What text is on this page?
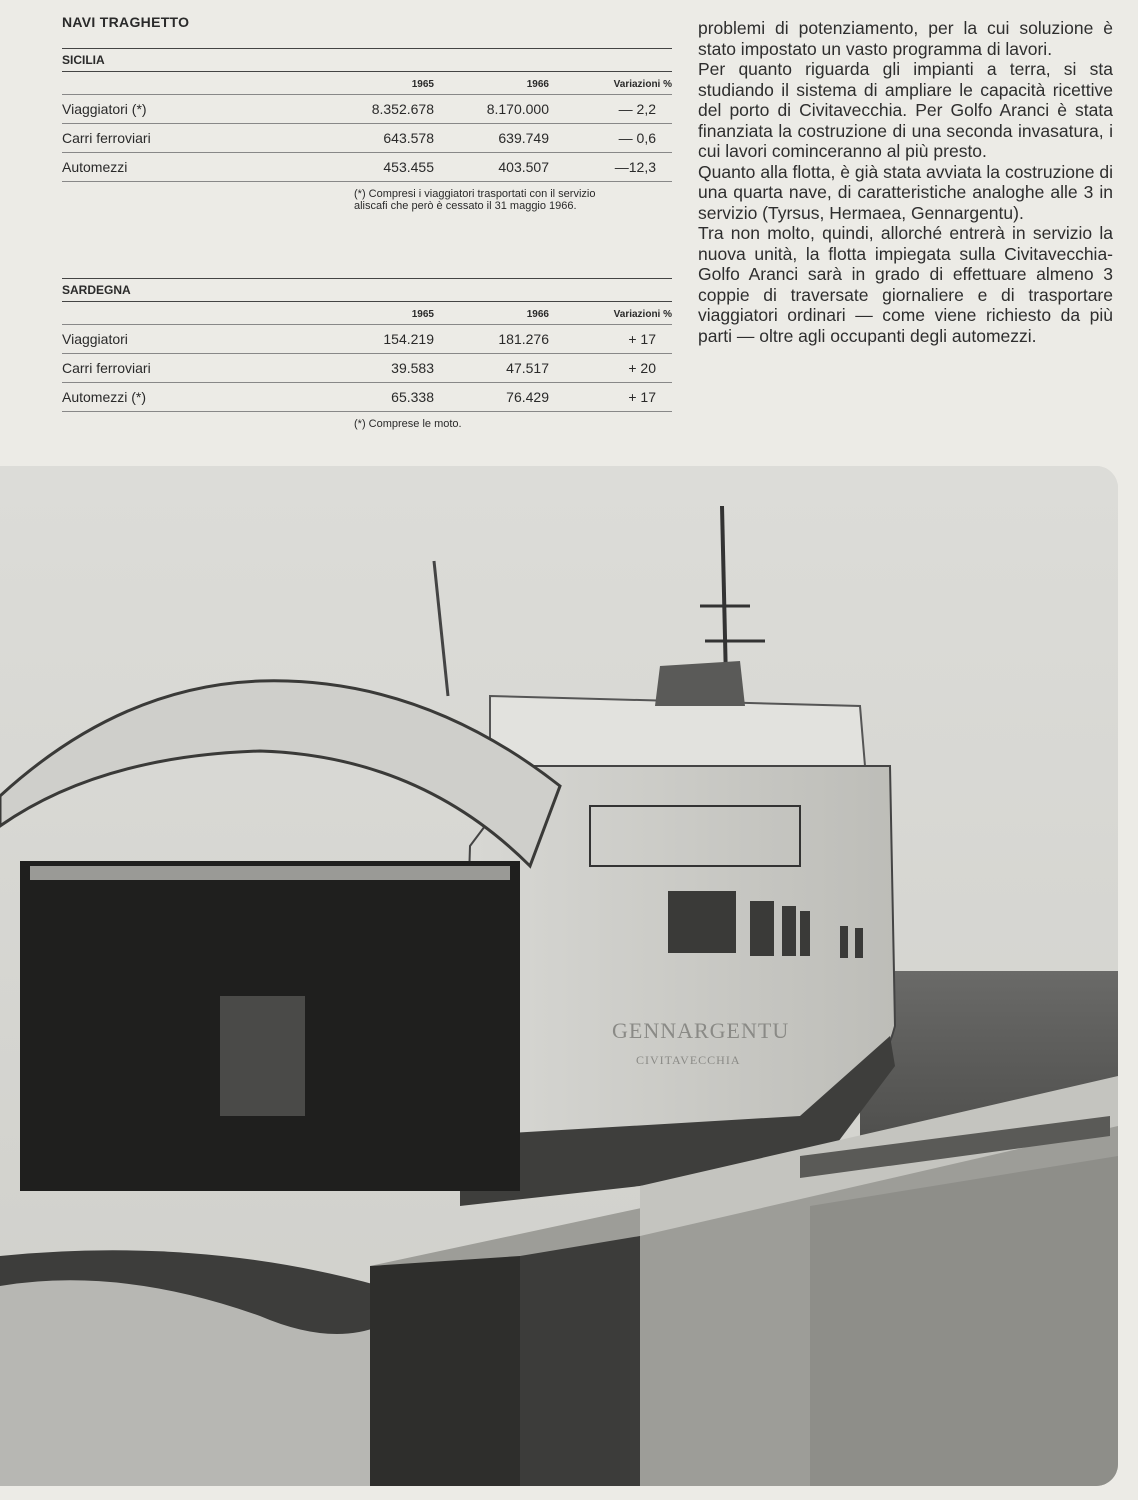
NAVI TRAGHETTO
SICILIA
	1965	1966	Variazioni %
Viaggiatori (*)	8.352.678	8.170.000	— 2,2
Carri ferroviari	643.578	639.749	— 0,6
Automezzi	453.455	403.507	—12,3
(*) Compresi i viaggiatori trasportati con il servizio
aliscafi che però è cessato il 31 maggio 1966.
SARDEGNA
	1965	1966	Variazioni %
Viaggiatori	154.219	181.276	+ 17
Carri ferroviari	39.583	47.517	+ 20
Automezzi (*)	65.338	76.429	+ 17
(*) Comprese le moto.

problemi di potenziamento, per la cui soluzione è stato impostato un vasto programma di lavori.

Per quanto riguarda gli impianti a terra, si sta studiando il sistema di ampliare le capacità ricettive del porto di Civitavecchia. Per Golfo Aranci è stata finanziata la costruzione di una seconda invasatura, i cui lavori cominceranno al più presto.

Quanto alla flotta, è già stata avviata la costruzione di una quarta nave, di caratteristiche analoghe alle 3 in servizio (Tyrsus, Hermaea, Gennargentu).

Tra non molto, quindi, allorché entrerà in servizio la nuova unità, la flotta impiegata sulla Civitavecchia-Golfo Aranci sarà in grado di effettuare almeno 3 coppie di traversate giornaliere e di trasportare viaggiatori ordinari — come viene richiesto da più parti — oltre agli occupanti degli automezzi.

GENNARGENTU
CIVITAVECCHIA
